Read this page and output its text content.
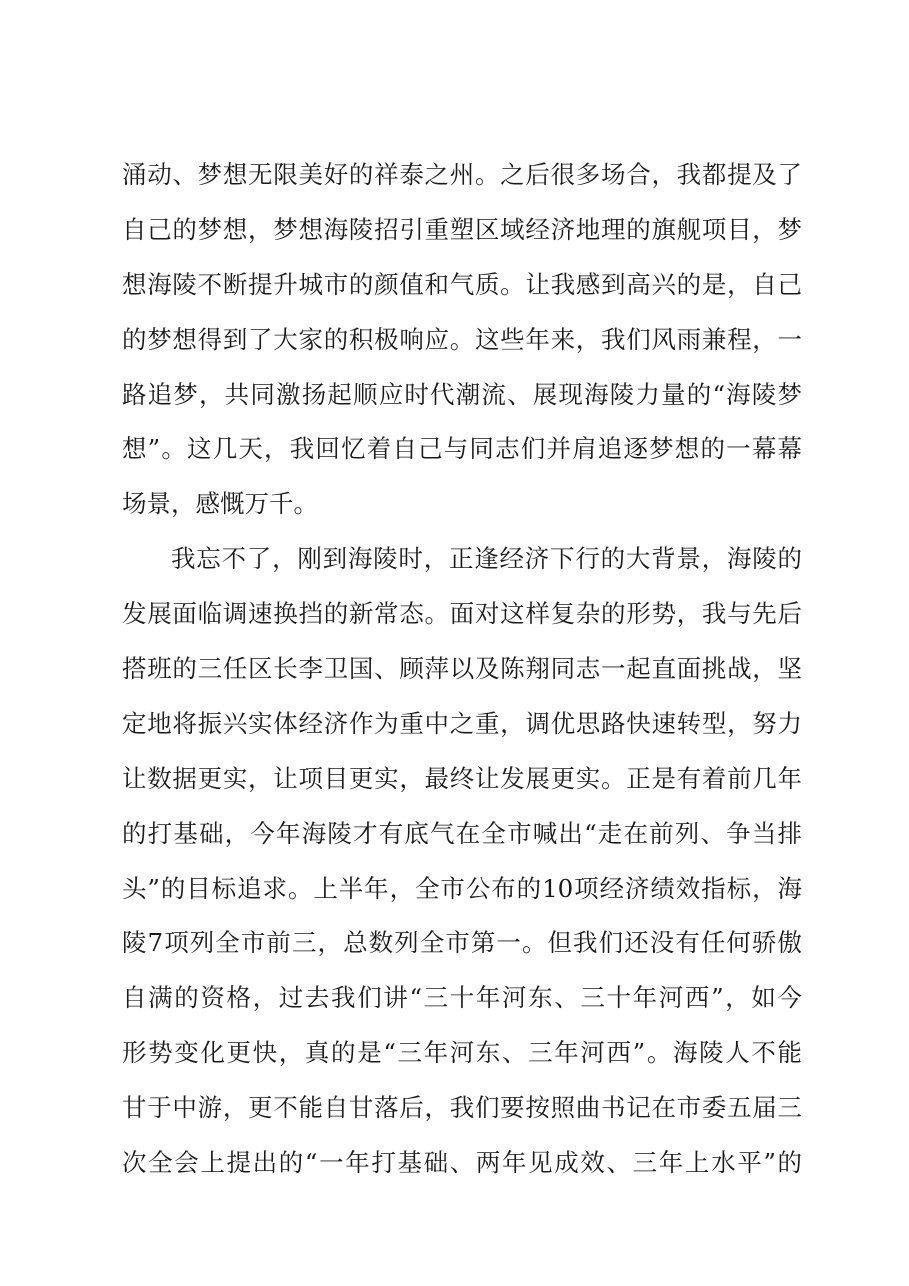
涌动、梦想无限美好的祥泰之州。之后很多场合，我都提及了
自己的梦想，梦想海陵招引重塑区域经济地理的旗舰项目，梦
想海陵不断提升城市的颜值和气质。让我感到高兴的是，自己
的梦想得到了大家的积极响应。这些年来，我们风雨兼程，一
路追梦，共同激扬起顺应时代潮流、展现海陵力量的“海陵梦
想”。这几天，我回忆着自己与同志们并肩追逐梦想的一幕幕
场景，感慨万千。
我忘不了，刚到海陵时，正逢经济下行的大背景，海陵的
发展面临调速换挡的新常态。面对这样复杂的形势，我与先后
搭班的三任区长李卫国、顾萍以及陈翔同志一起直面挑战，坚
定地将振兴实体经济作为重中之重，调优思路快速转型，努力
让数据更实，让项目更实，最终让发展更实。正是有着前几年
的打基础，今年海陵才有底气在全市喊出“走在前列、争当排
头”的目标追求。上半年，全市公布的10项经济绩效指标，海
陵7项列全市前三，总数列全市第一。但我们还没有任何骄傲
自满的资格，过去我们讲“三十年河东、三十年河西”，如今
形势变化更快，真的是“三年河东、三年河西”。海陵人不能
甘于中游，更不能自甘落后，我们要按照曲书记在市委五届三
次全会上提出的“一年打基础、两年见成效、三年上水平”的
